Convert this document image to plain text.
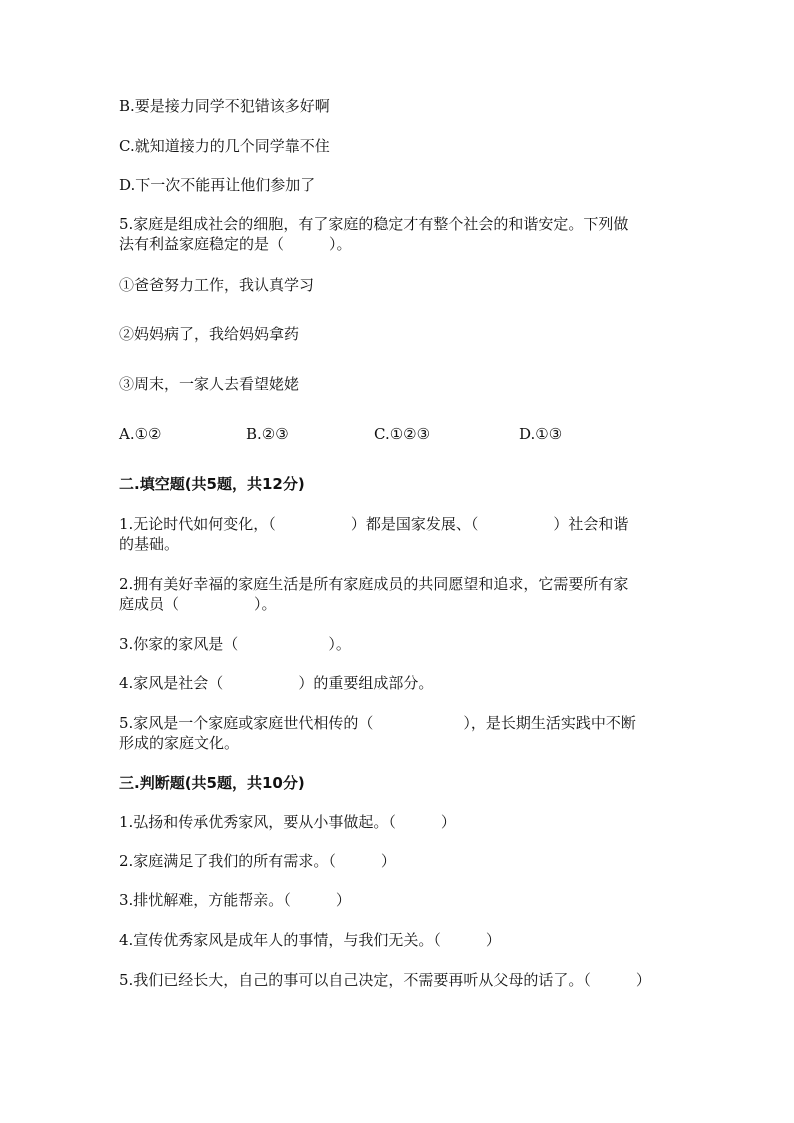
B.要是接力同学不犯错该多好啊
C.就知道接力的几个同学靠不住
D.下一次不能再让他们参加了
5.家庭是组成社会的细胞，有了家庭的稳定才有整个社会的和谐安定。下列做
法有利益家庭稳定的是（　　　）。
①爸爸努力工作，我认真学习
②妈妈病了，我给妈妈拿药
③周末，一家人去看望姥姥
A.①②	B.②③	C.①②③	D.①③
二.填空题(共5题，共12分)
1.无论时代如何变化，（　　　　　）都是国家发展、（　　　　　）社会和谐
的基础。
2.拥有美好幸福的家庭生活是所有家庭成员的共同愿望和追求，它需要所有家
庭成员（　　　　　）。
3.你家的家风是（　　　　　　）。
4.家风是社会（　　　　　）的重要组成部分。
5.家风是一个家庭或家庭世代相传的（　　　　　　），是长期生活实践中不断
形成的家庭文化。
三.判断题(共5题，共10分)
1.弘扬和传承优秀家风，要从小事做起。（　　　）
2.家庭满足了我们的所有需求。（　　　）
3.排忧解难，方能帮亲。（　　　）
4.宣传优秀家风是成年人的事情，与我们无关。（　　　）
5.我们已经长大，自己的事可以自己决定，不需要再听从父母的话了。（　　　）
